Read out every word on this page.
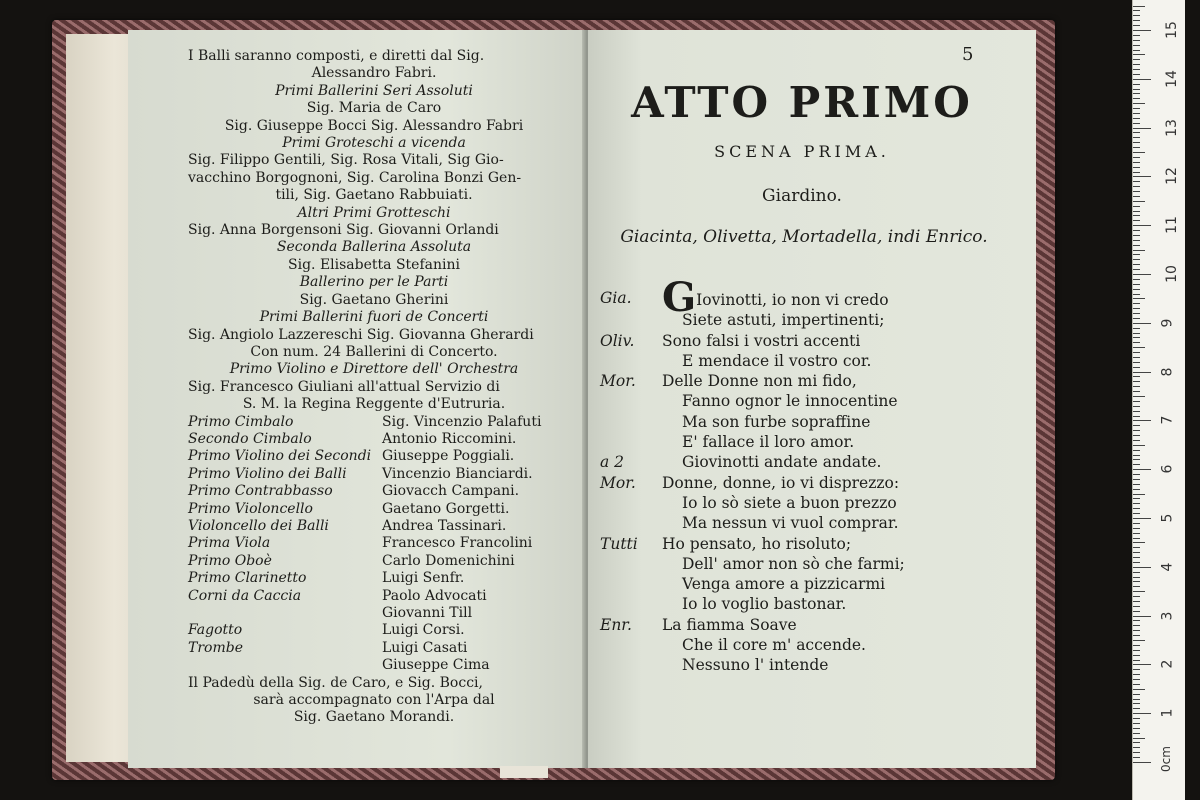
I Balli saranno composti, e diretti dal Sig.
Alessandro Fabri.
Primi Ballerini Seri Assoluti
Sig. Maria de Caro
Sig. Giuseppe Bocci Sig. Alessandro Fabri
Primi Groteschi a vicenda
Sig. Filippo Gentili, Sig. Rosa Vitali, Sig Gio-
vacchino Borgognoni, Sig. Carolina Bonzi Gen-
tili, Sig. Gaetano Rabbuiati.
Altri Primi Grotteschi
Sig. Anna Borgensoni Sig. Giovanni Orlandi
Seconda Ballerina Assoluta
Sig. Elisabetta Stefanini
Ballerino per le Parti
Sig. Gaetano Gherini
Primi Ballerini fuori de Concerti
Sig. Angiolo Lazzereschi Sig. Giovanna Gherardi
Con num. 24 Ballerini di Concerto.
Primo Violino e Direttore dell' Orchestra
Sig. Francesco Giuliani all'attual Servizio di
S. M. la Regina Reggente d'Eutruria.
Primo Cimbalo	Sig. Vincenzio Palafuti
Secondo Cimbalo	Antonio Riccomini.
Primo Violino dei Secondi Giuseppe Poggiali.
Primo Violino dei Balli	Vincenzio Bianciardi.
Primo Contrabbasso	Giovacch Campani.
Primo Violoncello	Gaetano Gorgetti.
Violoncello dei Balli	Andrea Tassinari.
Prima Viola	Francesco Francolini
Primo Oboè	Carlo Domenichini
Primo Clarinetto	Luigi Senfr.
Corni da Caccia	Paolo Advocati
Giovanni Till
Fagotto	Luigi Corsi.
Trombe	Luigi Casati
Giuseppe Cima
Il Padedù della Sig. de Caro, e Sig. Bocci,
sarà accompagnato con l'Arpa dal
Sig. Gaetano Morandi.
5
ATTO PRIMO
SCENA PRIMA.
Giardino.
Giacinta, Olivetta, Mortadella, indi Enrico.
Gia. GIovinotti, io non vi credo
Siete astuti, impertinenti;
Oliv.	Sono falsi i vostri accenti
E mendace il vostro cor.
Mor.	Delle Donne non mi fido,
Fanno ognor le innocentine
Ma son furbe sopraffine
E' fallace il loro amor.
a 2	Giovinotti andate andate.
Mor.	Donne, donne, io vi disprezzo:
Io lo sò siete a buon prezzo
Ma nessun vi vuol comprar.
Tutti	Ho pensato, ho risoluto;
Dell' amor non sò che farmi;
Venga amore a pizzicarmi
Io lo voglio bastonar.
Enr.	La fiamma Soave
Che il core m' accende.
Nessuno l' intende
0cm
1
2
3
4
5
6
7
8
9
10
11
12
13
14
15
